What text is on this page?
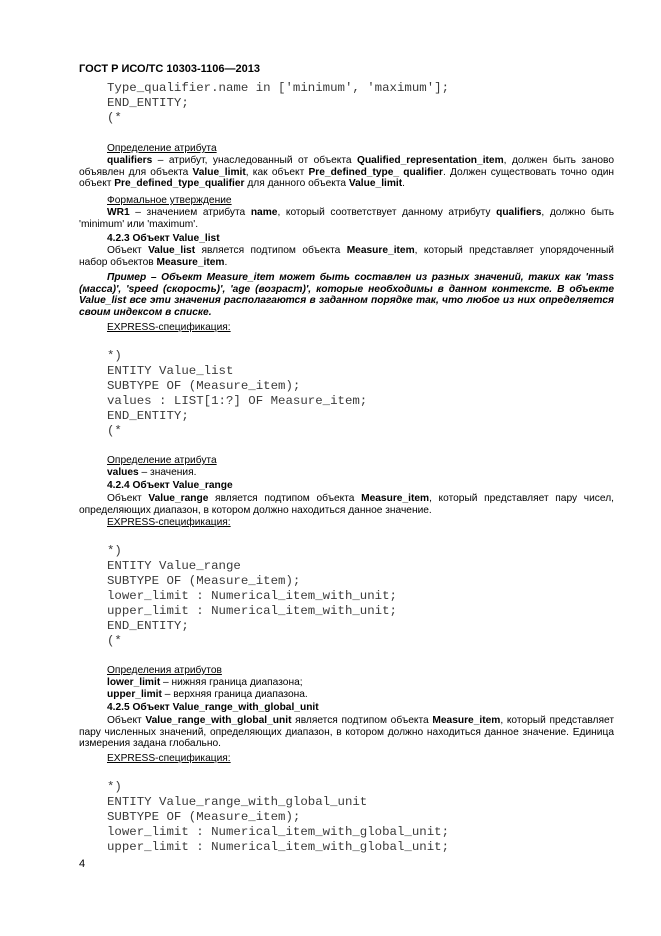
ГОСТ Р ИСО/ТС 10303-1106—2013
Type_qualifier.name in ['minimum', 'maximum'];
END_ENTITY;
(*
Определение атрибута
qualifiers – атрибут, унаследованный от объекта Qualified_representation_item, должен быть заново объявлен для объекта Value_limit, как объект Pre_defined_type_ qualifier. Должен существовать точно один объект Pre_defined_type_qualifier для данного объекта Value_limit.
Формальное утверждение
WR1 – значением атрибута name, который соответствует данному атрибуту qualifiers, должно быть 'minimum' или 'maximum'.
4.2.3 Объект Value_list
Объект Value_list является подтипом объекта Measure_item, который представляет упорядоченный набор объектов Measure_item.
Пример – Объект Measure_item может быть составлен из разных значений, таких как 'mass (масса)', 'speed (скорость)', 'age (возраст)', которые необходимы в данном контексте. В объекте Value_list все эти значения располагаются в заданном порядке так, что любое из них определяется своим индексом в списке.
EXPRESS-спецификация:
*)
ENTITY Value_list
SUBTYPE OF (Measure_item);
values : LIST[1:?] OF Measure_item;
END_ENTITY;
(*
Определение атрибута
values – значения.
4.2.4 Объект Value_range
Объект Value_range является подтипом объекта Measure_item, который представляет пару чисел, определяющих диапазон, в котором должно находиться данное значение.
EXPRESS-спецификация:
*)
ENTITY Value_range
SUBTYPE OF (Measure_item);
lower_limit : Numerical_item_with_unit;
upper_limit : Numerical_item_with_unit;
END_ENTITY;
(*
Определения атрибутов
lower_limit – нижняя граница диапазона;
upper_limit – верхняя граница диапазона.
4.2.5 Объект Value_range_with_global_unit
Объект Value_range_with_global_unit является подтипом объекта Measure_item, который представляет пару численных значений, определяющих диапазон, в котором должно находиться данное значение. Единица измерения задана глобально.
EXPRESS-спецификация:
*)
ENTITY Value_range_with_global_unit
SUBTYPE OF (Measure_item);
lower_limit : Numerical_item_with_global_unit;
upper_limit : Numerical_item_with_global_unit;
4
